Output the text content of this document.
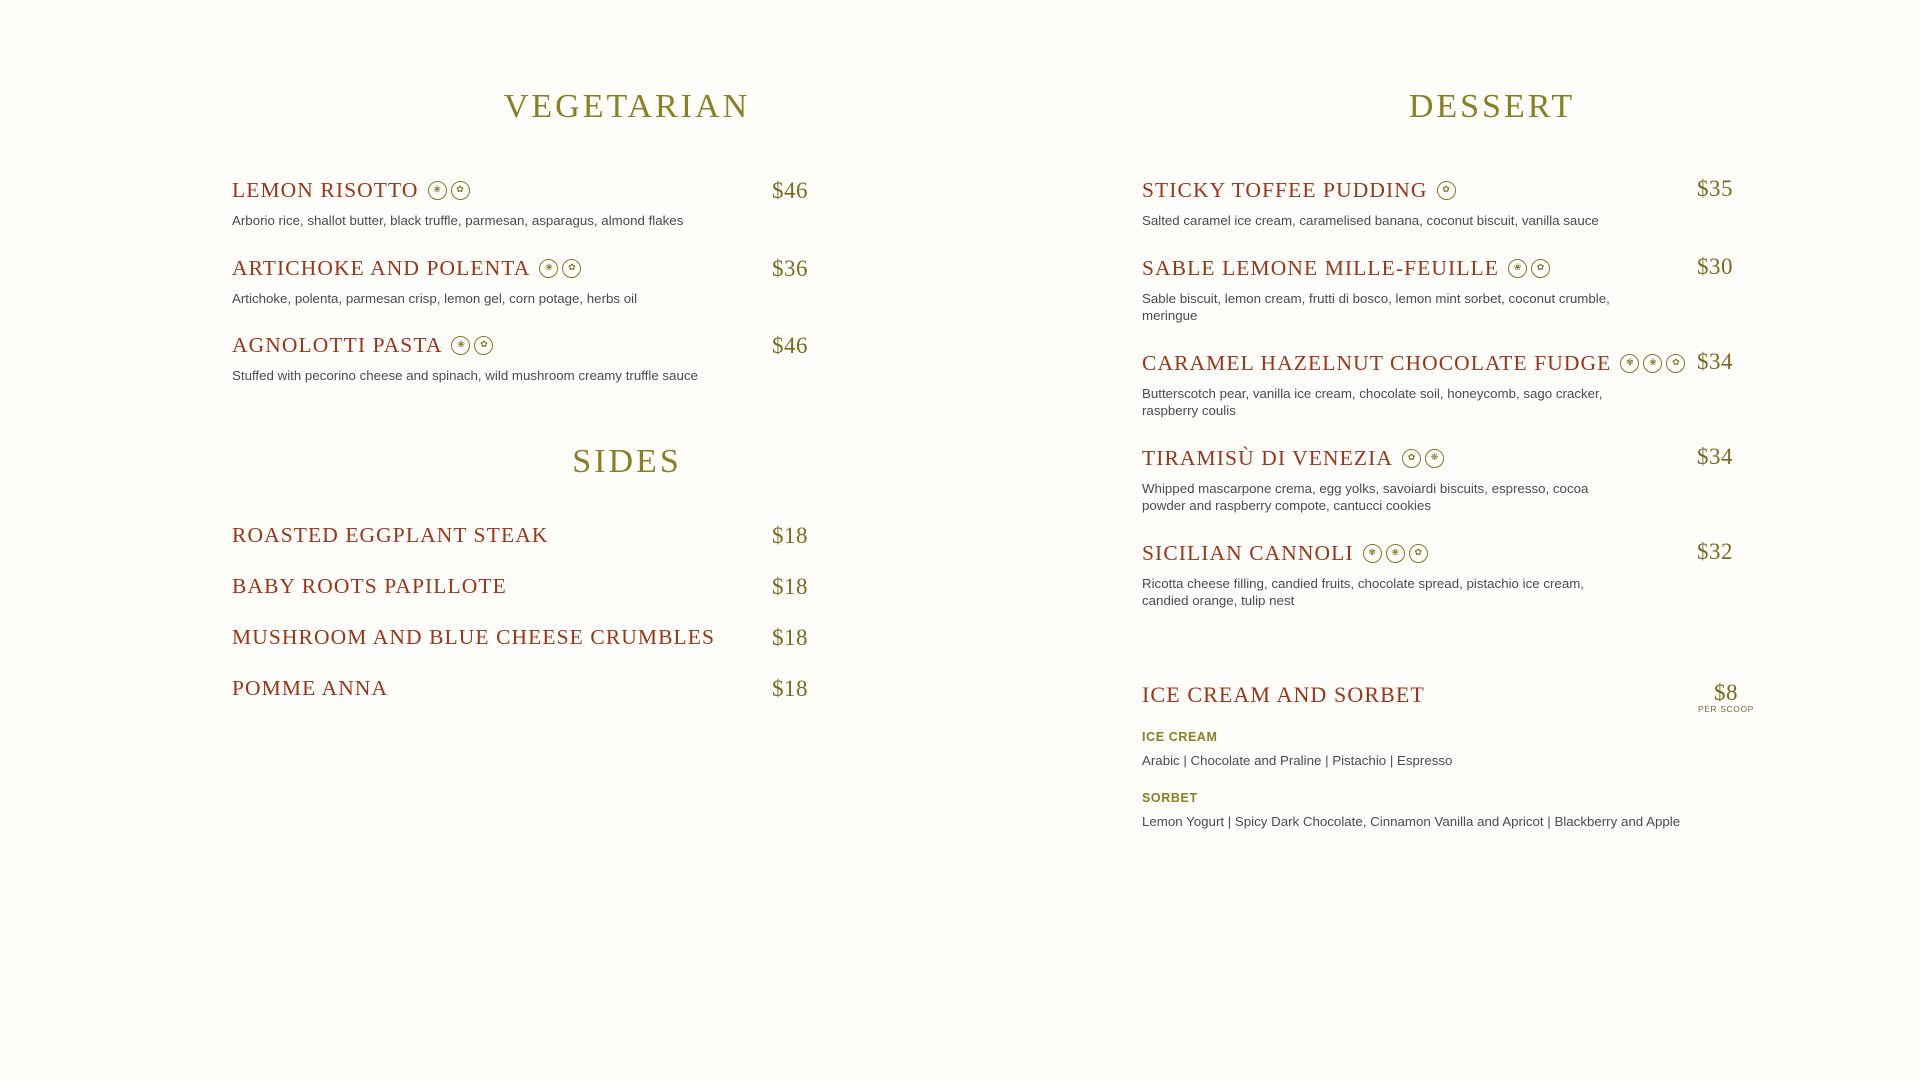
VEGETARIAN
LEMON RISOTTO	❀	✿	$46
Arborio rice, shallot butter, black truffle, parmesan, asparagus, almond flakes
ARTICHOKE AND POLENTA	❀	✿	$36
Artichoke, polenta, parmesan crisp, lemon gel, corn potage, herbs oil
AGNOLOTTI PASTA	❀	✿	$46
Stuffed with pecorino cheese and spinach, wild mushroom creamy truffle sauce
SIDES
ROASTED EGGPLANT STEAK	$18
BABY ROOTS PAPILLOTE	$18
MUSHROOM AND BLUE CHEESE CRUMBLES $18
POMME ANNA	$18
DESSERT
STICKY TOFFEE PUDDING	✿	$35
Salted caramel ice cream, caramelised banana, coconut biscuit, vanilla sauce
SABLE LEMONE MILLE-FEUILLE	❀	✿	$30
Sable biscuit, lemon cream, frutti di bosco, lemon mint sorbet, coconut crumble, meringue
CARAMEL HAZELNUT CHOCOLATE FUDGE	✾	❀	✿ $34
Butterscotch pear, vanilla ice cream, chocolate soil, honeycomb, sago cracker, raspberry coulis
TIRAMISÙ DI VENEZIA	✿	❋	$34
Whipped mascarpone crema, egg yolks, savoiardi biscuits, espresso, cocoa powder and raspberry compote, cantucci cookies
SICILIAN CANNOLI	✾	❀	✿	$32
Ricotta cheese filling, candied fruits, chocolate spread, pistachio ice cream, candied orange, tulip nest
ICE CREAM AND SORBET	$8
PER SCOOP
ICE CREAM
Arabic | Chocolate and Praline | Pistachio | Espresso
SORBET
Lemon Yogurt | Spicy Dark Chocolate, Cinnamon Vanilla and Apricot | Blackberry and Apple
